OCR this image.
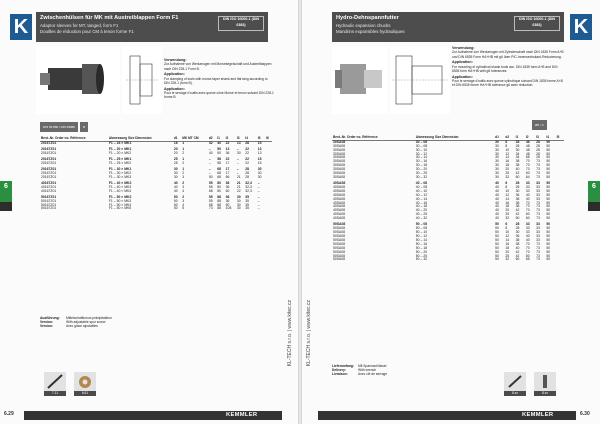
K	Zwischenhülsen für MK mit Austreiblappen Form F1
Adaptor sleeves for MT, tanged, form F1
Douilles de réduction pour CM à tenon forme F1
DIN ISO 10000-1 (DIN 6383)
Verwendung:

Zur Aufnahme von Werkzeugen mit Morsekegelschaft und Austreiblappen nach DIN 228-1 Form B.

Application:

For clamping of tools with morse taper shank and flat tang according to DIN 228-1 (form B).

Application:

Pour le serrage d'outils avec queue cône Morse et tenon suivant DIN 228-1 forme B.

DIN 69 880 / DIN 69880	B
Best.-Nr. Order no. Référence	Abmessung Size Dimension	d1	MK MT CM	d2	I1	I2	I3	I4	I5	I6
20167Z01	F1 – 16 × MK1	16	1	32	40	22	13	28	15	

20167Z01	F1 – 20 × MK1	20	1	–	50	13	–	22	13	
20167Z01	F1 – 20 × MK2	20	2	40	50	36	30	22	13	

20167Z01	F1 – 25 × MK1	25	1	–	58	22	–	22	15	
20167Z01	F1 – 25 × MK2	25	2	–	58	17	–	22	15	

20167Z01	F1 – 30 × MK1	30	1	–	68	17	–	28	30	
20167Z01	F1 – 30 × MK2	30	2	–	68	17	–	28	30	
20167Z01	F1 – 30 × MK3	30	3	50	68	66	21	28	30	

40167Z01	F1 – 40 × MK2	40	2	55	80	36	21	32,3	–	
40167Z01	F1 – 40 × MK3	40	3	55	80	36	21	32,3	–	
40167Z01	F1 – 40 × MK4	40	4	68	80	60	22	32,3	–	

50167Z01	F1 – 50 × MK2	50	2	55	88	36	30	35	–	
50167Z01	F1 – 50 × MK3	50	3	55	88	36	30	35	–	
50167Z01	F1 – 50 × MK4	50	4	68	88	50	30	35	–	
50167Z01	F1 – 50 × MK5	50	5	73	88	108	30	35	–	
Ausführung: Mittelschaftkonus präzipitaktion
Version:	With adjustable spur screw
Version:	Avec glace ajustables
7.11	6.61
6.29	KEMMLER
6
KL-TECH s.r.o. | www.kitec.cz
K
Hydro-Dehnspannfutter
Hydraulic expansion chucks
Mandrins expansibles hydrauliques
DIN ISO 10000-1 (DIN 6383)
Verwendung:

Zur Aufnahme von Werkzeugen mit Zylinderschaft nach DIN 1835 Form A+B und DIN 6535 Form HA+HB mit g6 über PIC-Innensechskant-Reduzierung.

Application:

For mounting of cylindrical shank tools acc. DIN 1835 form A+B and DIN 6535 form HA+HB with g6 tolerances.

Application:

Pour le serrage d'outils avec queue cylindrique suivant DIN 1835 forme A+B et DIN 6535 forme HA+HB tolérance g6 avec réduction.

Ø8 < h
Best.-Nr. Order no. Référence	Abmessung Size Dimension	d1	d2	I1	I2	I3	I4	I5
30SA08	30 – 06	30	6	28	46	28	50	
30SA08	30 – 08	30	8	28	48	28	50	
30SA08	30 – 10	30	10	30	48	28	50	
30SA08	30 – 12	30	12	34	48	28	50	
30SA08	30 – 14	30	14	34	68	28	50	
30SA08	30 – 16	30	16	38	70	73	50	
30SA08	30 – 18	30	18	38	70	73	50	
30SA08	30 – 20	30	20	40	70	73	50	
30SA08	30 – 25	30	25	42	60	73	50	
30SA08	30 – 32	30	32	60	64	73	50	

40SA08	40 – 06	40	6	28	33	33	50	
40SA08	40 – 08	40	8	28	33	33	50	
40SA08	40 – 10	40	10	30	33	33	50	
40SA08	40 – 12	40	12	36	40	33	50	
40SA08	40 – 14	40	14	38	40	33	50	
40SA08	40 – 16	40	16	38	70	73	50	
40SA08	40 – 18	40	18	38	70	73	50	
40SA08	40 – 20	40	20	42	70	73	50	
40SA08	40 – 25	40	25	42	60	73	50	
40SA08	40 – 32	40	32	60	60	73	50	

50SA08	50 – 06	50	6	28	33	33	50	
50SA08	50 – 08	50	8	28	33	33	50	
50SA08	50 – 10	50	10	30	33	33	50	
50SA08	50 – 12	50	12	36	40	33	50	
50SA08	50 – 14	50	14	38	40	33	50	
50SA08	50 – 16	50	16	38	70	73	50	
50SA08	50 – 18	50	18	40	70	73	50	
50SA08	50 – 20	50	20	42	70	73	50	
50SA08	50 – 25	50	25	42	60	73	50	
50SA08	50 – 32	50	32	60	65	73	50	
Lieferumfang: Mit Spannschlüssel
Delivery:	With wrench
Livraison:	Avec clé de serrage
8.xx	8.xx
KEMMLER	6.30
6
KL-TECH s.r.o. | www.kitec.cz
